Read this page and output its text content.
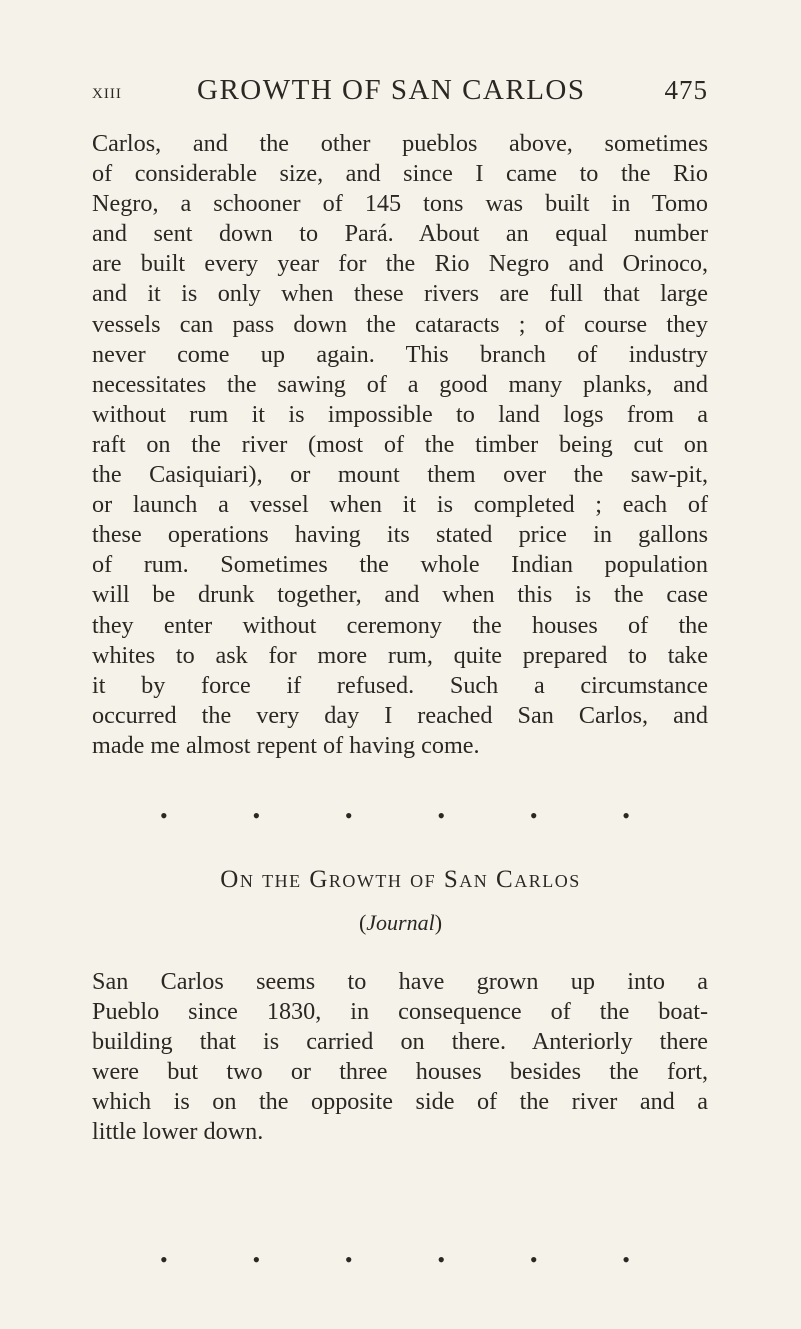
XIII	GROWTH OF SAN CARLOS	475
Carlos, and the other pueblos above, sometimes
of considerable size, and since I came to the Rio
Negro, a schooner of 145 tons was built in Tomo
and sent down to Pará. About an equal number
are built every year for the Rio Negro and Orinoco,
and it is only when these rivers are full that large
vessels can pass down the cataracts ; of course they
never come up again. This branch of industry
necessitates the sawing of a good many planks, and
without rum it is impossible to land logs from a
raft on the river (most of the timber being cut on
the Casiquiari), or mount them over the saw-pit,
or launch a vessel when it is completed ; each of
these operations having its stated price in gallons
of rum. Sometimes the whole Indian population
will be drunk together, and when this is the case
they enter without ceremony the houses of the
whites to ask for more rum, quite prepared to take
it by force if refused. Such a circumstance
occurred the very day I reached San Carlos, and
made me almost repent of having come.
•	•	•	•	•	•
On the Growth of San Carlos
(Journal)
San Carlos seems to have grown up into a
Pueblo since 1830, in consequence of the boat-
building that is carried on there. Anteriorly there
were but two or three houses besides the fort,
which is on the opposite side of the river and a
little lower down.
•	•	•	•	•	•
